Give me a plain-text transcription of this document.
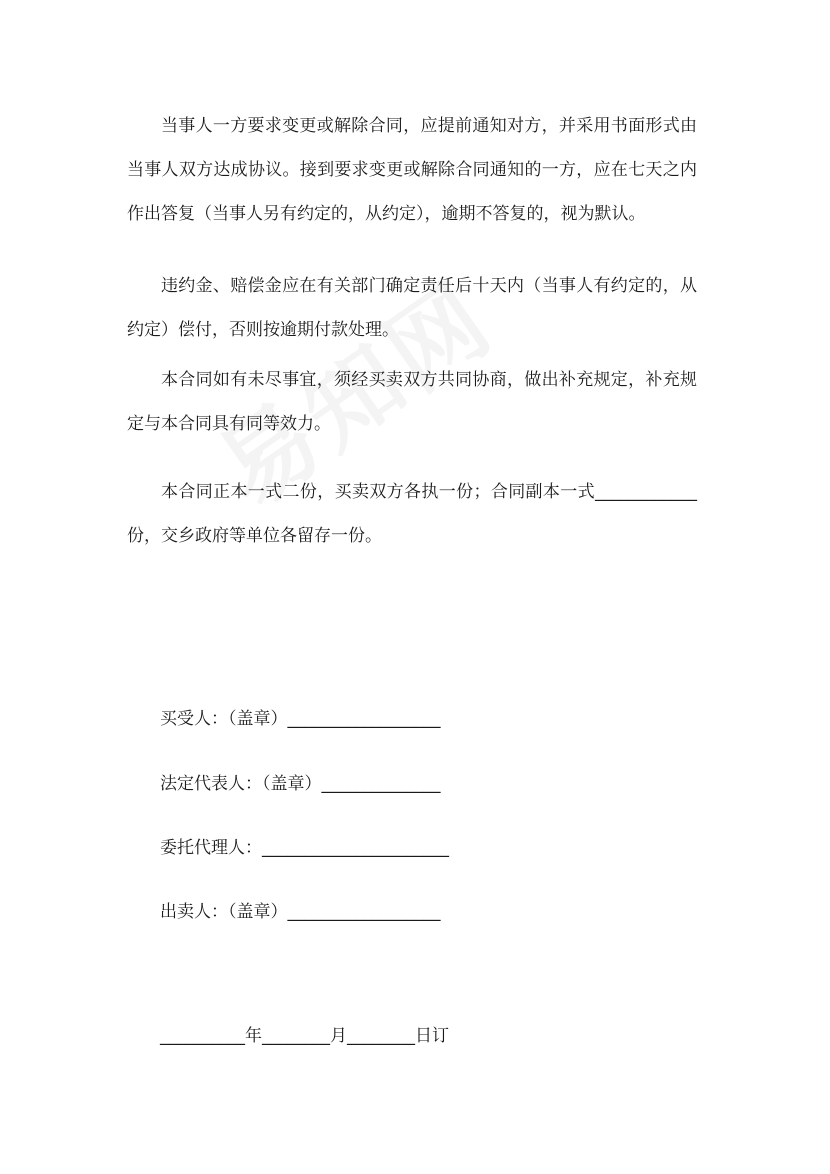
当事人一方要求变更或解除合同，应提前通知对方，并采用书面形式由当事人双方达成协议。接到要求变更或解除合同通知的一方，应在七天之内作出答复（当事人另有约定的，从约定），逾期不答复的，视为默认。

违约金、赔偿金应在有关部门确定责任后十天内（当事人有约定的，从约定）偿付，否则按逾期付款处理。

本合同如有未尽事宜，须经买卖双方共同协商，做出补充规定，补充规定与本合同具有同等效力。

本合同正本一式二份，买卖双方各执一份；合同副本一式____________份，交乡政府等单位各留存一份。

买受人：（盖章）__________________

法定代表人：（盖章）______________

委托代理人：______________________

出卖人：（盖章）__________________

__________年________月________日订
